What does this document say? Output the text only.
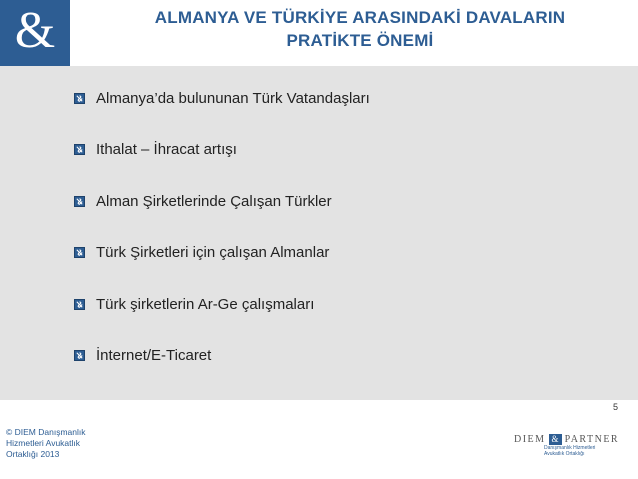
&	ALMANYA VE TÜRKİYE ARASINDAKİ DAVALARIN
PRATİKTE ÖNEMİ
Almanya’da bulununan Türk Vatandaşları
Ithalat – İhracat artışı
Alman Şirketlerinde Çalışan Türkler
Türk Şirketleri için çalışan Almanlar
Türk şirketlerin Ar-Ge çalışmaları
İnternet/E-Ticaret
5
© DIEM Danışmanlık
Hizmetleri Avukatlık
Ortaklığı 2013
DIEM & PARTNER
Danışmanlık Hizmetleri
Avukatlık Ortaklığı
